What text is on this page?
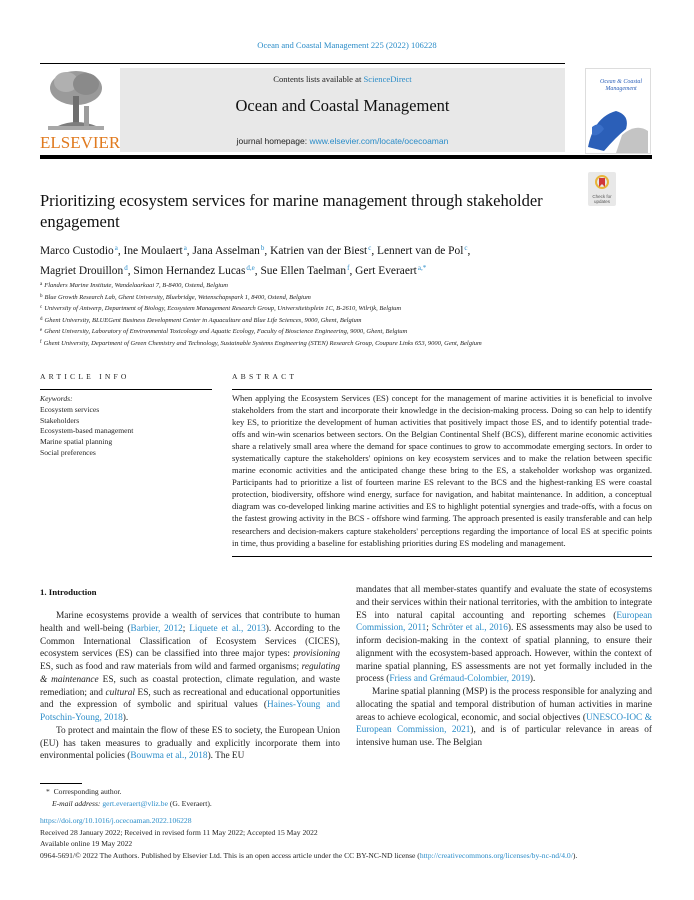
Ocean and Coastal Management 225 (2022) 106228
ELSEVIER
Contents lists available at ScienceDirect
Ocean and Coastal Management
journal homepage: www.elsevier.com/locate/ocecoaman
Ocean & Coastal Management
Check for updates
Prioritizing ecosystem services for marine management through stakeholder engagement
Marco Custodio$^a$, Ine Moulaert$^a$, Jana Asselman$^b$, Katrien van der Biest$^c$, Lennert van de Pol$^c$,
Magriet Drouillon$^d$, Simon Hernandez Lucas$^{d,e}$, Sue Ellen Taelman$^f$, Gert Everaert$^{a,*}$
$^a$ Flanders Marine Institute, Wandelaarkaai 7, B-8400, Ostend, Belgium
$^b$ Blue Growth Research Lab, Ghent University, Bluebridge, Wetenschapspark 1, 8400, Ostend, Belgium
$^c$ University of Antwerp, Department of Biology, Ecosystem Management Research Group, Universiteitsplein 1C, B-2610, Wilrijk, Belgium
$^d$ Ghent University, BLUEGent Business Development Center in Aquaculture and Blue Life Sciences, 9000, Ghent, Belgium
$^e$ Ghent University, Laboratory of Environmental Toxicology and Aquatic Ecology, Faculty of Bioscience Engineering, 9000, Ghent, Belgium
$^f$ Ghent University, Department of Green Chemistry and Technology, Sustainable Systems Engineering (STEN) Research Group, Coupure Links 653, 9000, Gent, Belgium
ARTICLE INFO	ABSTRACT
Keywords:
Ecosystem services
Stakeholders
Ecosystem-based management
Marine spatial planning
Social preferences
When applying the Ecosystem Services (ES) concept for the management of marine activities it is beneficial to involve stakeholders from the start and incorporate their knowledge in the decision-making process. Doing so can help to identify key ES, to prioritize the development of human activities that positively impact those ES, and to identify potential trade-offs and win-win scenarios between sectors. On the Belgian Continental Shelf (BCS), different marine economic activities share a relatively small area where the demand for space continues to grow to accommodate emerging sectors. In order to systematically capture the stakeholders' opinions on key ecosystem services and to make the relation between specific marine economic activities and the anticipated change these bring to the ES, a stakeholder workshop was organized. Participants had to prioritize a list of fourteen marine ES relevant to the BCS and the highest-ranking ES were coastal protection, biodiversity, offshore wind energy, surface for navigation, and habitat maintenance. In addition, a conceptual diagram was co-developed linking marine activities and ES to highlight potential synergies and trade-offs, with a focus on the fastest growing activity in the BCS - offshore wind farming. The approach presented is easily transferable and can help researchers and decision-makers capture stakeholders' perceptions regarding the importance of local ES at specific points in time, thus providing a baseline for establishing priorities during ES modeling and management.
1. Introduction

Marine ecosystems provide a wealth of services that contribute to human health and well-being (Barbier, 2012; Liquete et al., 2013). According to the Common International Classification of Ecosystem Services (CICES), ecosystem services (ES) can be classified into three major types: provisioning ES, such as food and raw materials from wild and farmed organisms; regulating & maintenance ES, such as coastal protection, climate regulation, and waste remediation; and cultural ES, such as recreational and educational opportunities and the expression of symbolic and spiritual values (Haines-Young and Potschin-Young, 2018).

To protect and maintain the flow of these ES to society, the European Union (EU) has taken measures to gradually and explicitly incorporate them into environmental policies (Bouwma et al., 2018). The EU

mandates that all member-states quantify and evaluate the state of ecosystems and their services within their national territories, with the ambition to integrate ES into natural capital accounting and reporting schemes (European Commission, 2011; Schröter et al., 2016). ES assessments may also be used to inform decision-making in the context of spatial planning, to ensure their alignment with the ecosystem-based approach. However, within the context of marine spatial planning, ES assessments are not yet formally included in the process (Friess and Grémaud-Colombier, 2019).

Marine spatial planning (MSP) is the process responsible for analyzing and allocating the spatial and temporal distribution of human activities in marine areas to achieve ecological, economic, and social objectives (UNESCO-IOC & European Commission, 2021), and is of particular relevance in areas of intensive human use. The Belgian

* Corresponding author.
E-mail address: gert.everaert@vliz.be (G. Everaert).
https://doi.org/10.1016/j.ocecoaman.2022.106228
Received 28 January 2022; Received in revised form 11 May 2022; Accepted 15 May 2022
Available online 19 May 2022
0964-5691/© 2022 The Authors. Published by Elsevier Ltd. This is an open access article under the CC BY-NC-ND license (http://creativecommons.org/licenses/by-nc-nd/4.0/).
